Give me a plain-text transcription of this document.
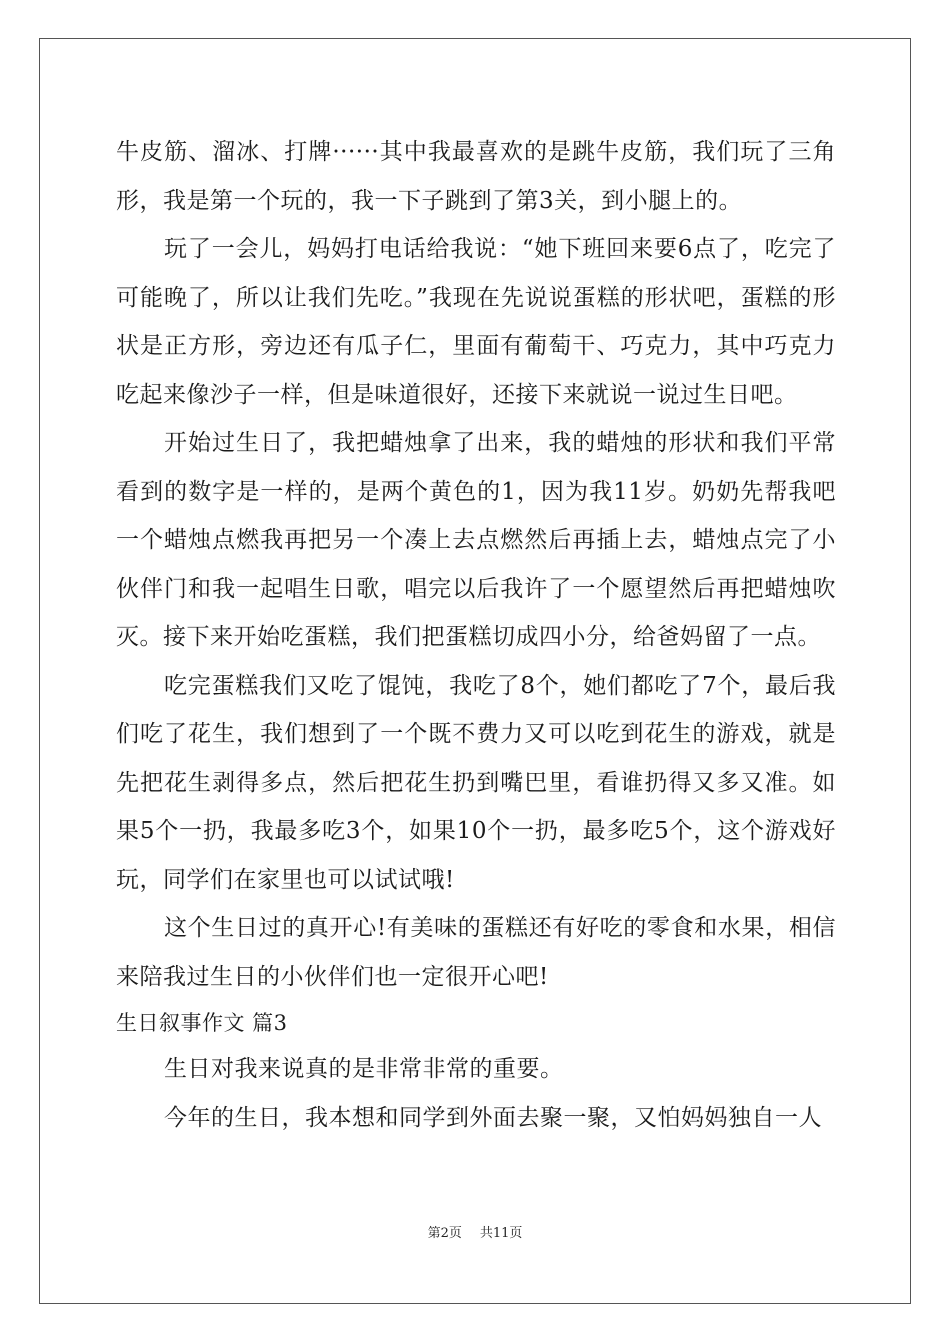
牛皮筋、溜冰、打牌······其中我最喜欢的是跳牛皮筋，我们玩了三角形，我是第一个玩的，我一下子跳到了第3关，到小腿上的。

玩了一会儿，妈妈打电话给我说：“她下班回来要6点了，吃完了可能晚了，所以让我们先吃。”我现在先说说蛋糕的形状吧，蛋糕的形状是正方形，旁边还有瓜子仁，里面有葡萄干、巧克力，其中巧克力吃起来像沙子一样，但是味道很好，还接下来就说一说过生日吧。

开始过生日了，我把蜡烛拿了出来，我的蜡烛的形状和我们平常看到的数字是一样的，是两个黄色的1，因为我11岁。奶奶先帮我吧一个蜡烛点燃我再把另一个凑上去点燃然后再插上去，蜡烛点完了小伙伴门和我一起唱生日歌，唱完以后我许了一个愿望然后再把蜡烛吹灭。接下来开始吃蛋糕，我们把蛋糕切成四小分，给爸妈留了一点。

吃完蛋糕我们又吃了馄饨，我吃了8个，她们都吃了7个，最后我们吃了花生，我们想到了一个既不费力又可以吃到花生的游戏，就是先把花生剥得多点，然后把花生扔到嘴巴里，看谁扔得又多又准。如果5个一扔，我最多吃3个，如果10个一扔，最多吃5个，这个游戏好玩，同学们在家里也可以试试哦!

这个生日过的真开心!有美味的蛋糕还有好吃的零食和水果，相信来陪我过生日的小伙伴们也一定很开心吧!

生日叙事作文 篇3

生日对我来说真的是非常非常的重要。

今年的生日，我本想和同学到外面去聚一聚，又怕妈妈独自一人

第2页 共11页
